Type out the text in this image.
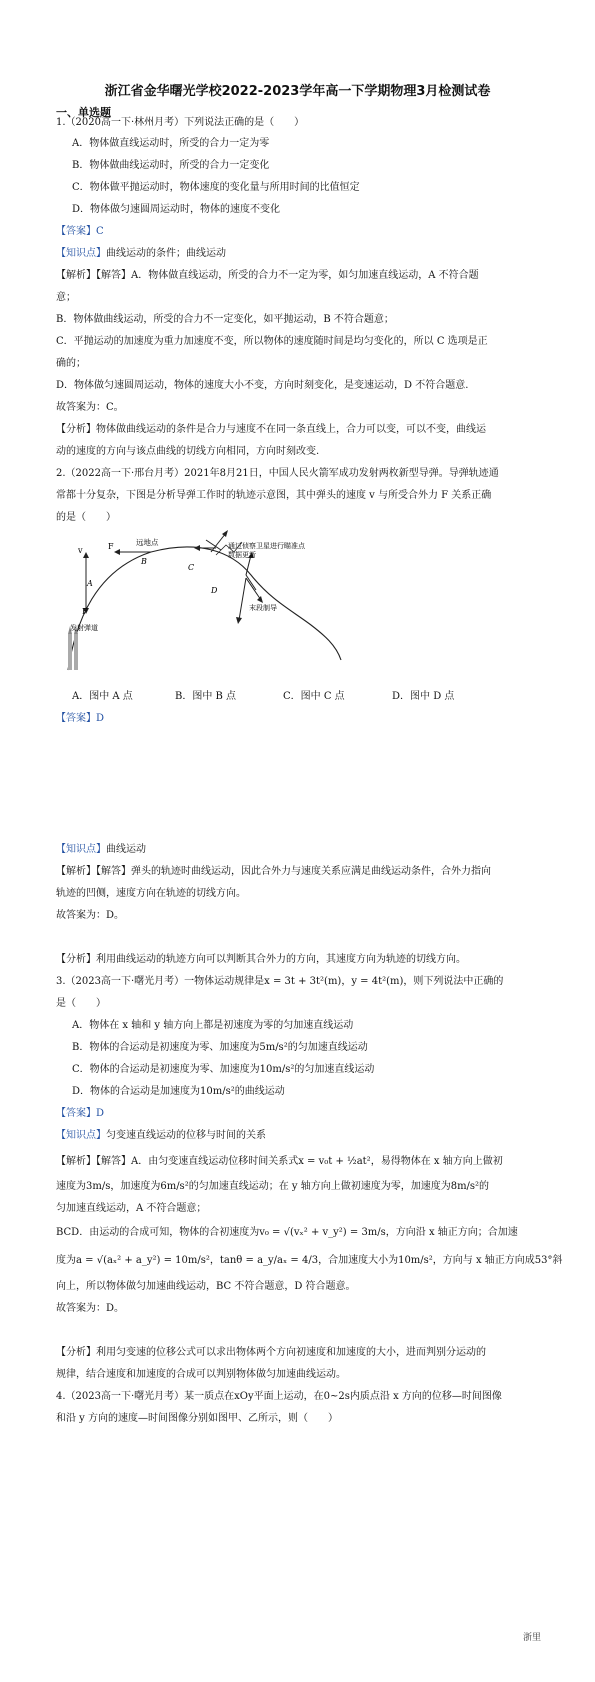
浙江省金华曙光学校2022-2023学年高一下学期物理3月检测试卷
一、单选题
1.（2020高一下·林州月考）下列说法正确的是（　　）
A．物体做直线运动时，所受的合力一定为零
B．物体做曲线运动时，所受的合力一定变化
C．物体做平抛运动时，物体速度的变化量与所用时间的比值恒定
D．物体做匀速圆周运动时，物体的速度不变化
【答案】C
【知识点】曲线运动的条件；曲线运动
【解析】【解答】A．物体做直线运动，所受的合力不一定为零，如匀加速直线运动，A 不符合题
意；
B．物体做曲线运动，所受的合力不一定变化，如平抛运动，B 不符合题意；
C．平抛运动的加速度为重力加速度不变，所以物体的速度随时间是均匀变化的，所以 C 选项是正
确的；
D．物体做匀速圆周运动，物体的速度大小不变，方向时刻变化，是变速运动，D 不符合题意.
故答案为：C。
【分析】物体做曲线运动的条件是合力与速度不在同一条直线上，合力可以变，可以不变，曲线运
动的速度的方向与该点曲线的切线方向相同，方向时刻改变.
2.（2022高一下·邢台月考）2021年8月21日，中国人民火箭军成功发射两枚新型导弹。导弹轨迹通
常都十分复杂，下图是分析导弹工作时的轨迹示意图，其中弹头的速度 v 与所受合外力 F 关系正确
的是（　　）
v
F
A
B
C
D
F	远地点	通过侦察卫星进行瞄准点
数据更新
末段制导
发射弹道
A．图中 A 点	B．图中 B 点	C．图中 C 点	D．图中 D 点
【答案】D
【知识点】曲线运动
【解析】【解答】弹头的轨迹时曲线运动，因此合外力与速度关系应满足曲线运动条件，合外力指向
轨迹的凹侧，速度方向在轨迹的切线方向。
故答案为：D。
【分析】利用曲线运动的轨迹方向可以判断其合外力的方向，其速度方向为轨迹的切线方向。
3.（2023高一下·曙光月考）一物体运动规律是x = 3t + 3t²(m)，y = 4t²(m)，则下列说法中正确的
是（　　）
A．物体在 x 轴和 y 轴方向上都是初速度为零的匀加速直线运动
B．物体的合运动是初速度为零、加速度为5m/s²的匀加速直线运动
C．物体的合运动是初速度为零、加速度为10m/s²的匀加速直线运动
D．物体的合运动是加速度为10m/s²的曲线运动
【答案】D
【知识点】匀变速直线运动的位移与时间的关系
【解析】【解答】A．由匀变速直线运动位移时间关系式x = v₀t + ½at²，易得物体在 x 轴方向上做初
速度为3m/s，加速度为6m/s²的匀加速直线运动；在 y 轴方向上做初速度为零，加速度为8m/s²的
匀加速直线运动，A 不符合题意；
BCD．由运动的合成可知，物体的合初速度为v₀ = √(vₓ² + v_y²) = 3m/s，方向沿 x 轴正方向；合加速
度为a = √(aₓ² + a_y²) = 10m/s²，tanθ = a_y/aₓ = 4/3，合加速度大小为10m/s²，方向与 x 轴正方向成53°斜
向上，所以物体做匀加速曲线运动，BC 不符合题意，D 符合题意。
故答案为：D。
【分析】利用匀变速的位移公式可以求出物体两个方向初速度和加速度的大小，进而判别分运动的
规律，结合速度和加速度的合成可以判别物体做匀加速曲线运动。
4.（2023高一下·曙光月考）某一质点在xOy平面上运动，在0~2s内质点沿 x 方向的位移—时间图像
和沿 y 方向的速度—时间图像分别如图甲、乙所示，则（　　）
浙里
